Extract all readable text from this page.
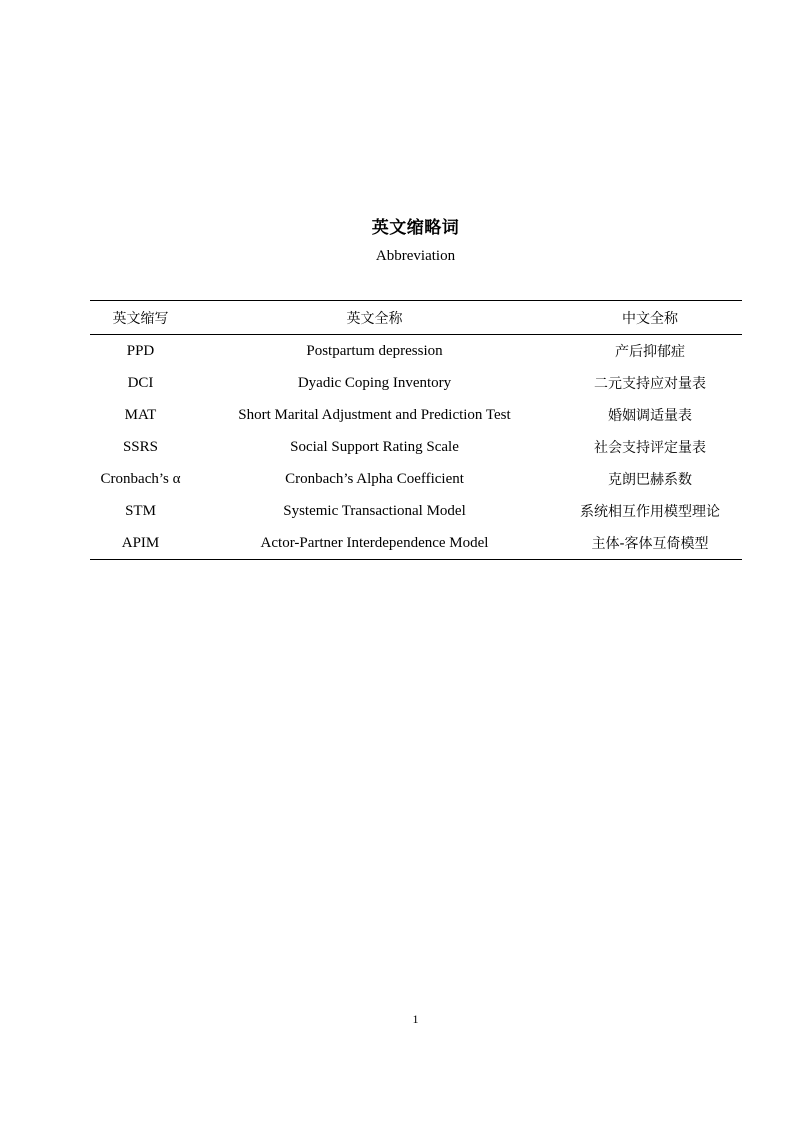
英文缩略词
Abbreviation
英文缩写	英文全称	中文全称
PPD	Postpartum depression	产后抑郁症
DCI	Dyadic Coping Inventory	二元支持应对量表
MAT	Short Marital Adjustment and Prediction Test	婚姻调适量表
SSRS	Social Support Rating Scale	社会支持评定量表
Cronbach’s α	Cronbach’s Alpha Coefficient	克朗巴赫系数
STM	Systemic Transactional Model	系统相互作用模型理论
APIM	Actor-Partner Interdependence Model	主体-客体互倚模型
1
